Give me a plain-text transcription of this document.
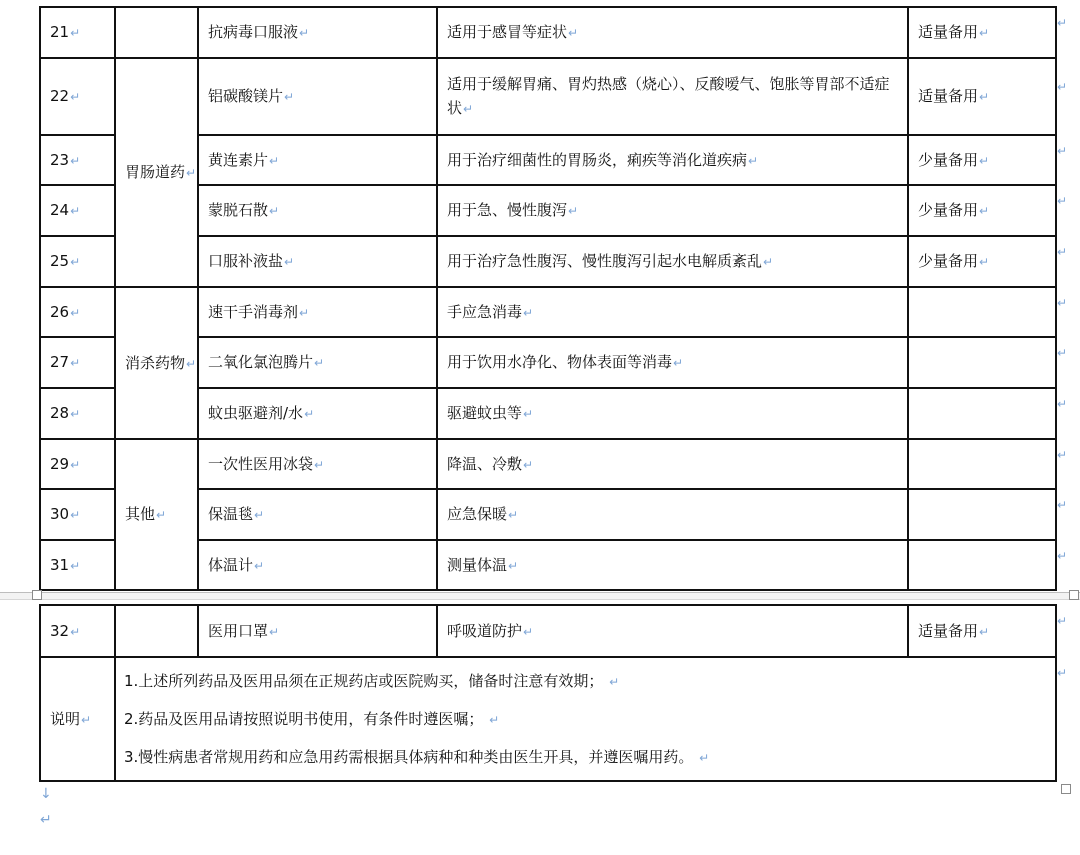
21↵		抗病毒口服液↵	适用于感冒等症状↵	适量备用↵
22↵	胃肠道药↵	铝碳酸镁片↵	适用于缓解胃痛、胃灼热感（烧心）、反酸嗳气、饱胀等胃部不适症状↵	适量备用↵
23↵		黄连素片↵	用于治疗细菌性的胃肠炎，痢疾等消化道疾病↵	少量备用↵
24↵		蒙脱石散↵	用于急、慢性腹泻↵	少量备用↵
25↵		口服补液盐↵	用于治疗急性腹泻、慢性腹泻引起水电解质紊乱↵	少量备用↵
26↵	消杀药物↵	速干手消毒剂↵	手应急消毒↵	
27↵		二氧化氯泡腾片↵	用于饮用水净化、物体表面等消毒↵	
28↵		蚊虫驱避剂/水↵	驱避蚊虫等↵	
29↵	其他↵	一次性医用冰袋↵	降温、冷敷↵	
30↵		保温毯↵	应急保暖↵	
31↵		体温计↵	测量体温↵	
↵
↵
↵
↵
↵
↵
↵
↵
↵
↵
↵
32↵		医用口罩↵	呼吸道防护↵	适量备用↵
说明↵	1.上述所列药品及医用品须在正规药店或医院购买，储备时注意有效期； ↵
2.药品及医用品请按照说明书使用，有条件时遵医嘱； ↵
3.慢性病患者常规用药和应急用药需根据具体病种和种类由医生开具，并遵医嘱用药。 ↵			
↵
↵
↓
↵
